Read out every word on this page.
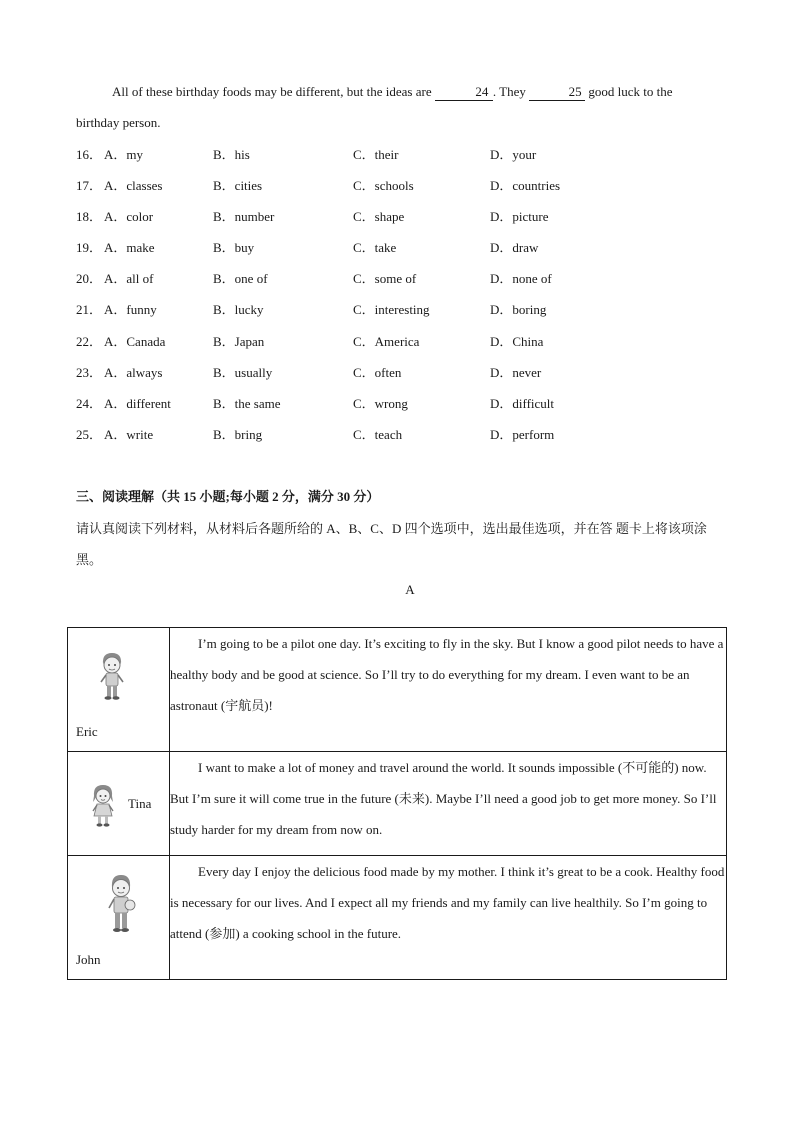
All of these birthday foods may be different, but the ideas are	24 . They	25 good luck to the birthday person.

16． A．my	B．his	C．their	D．your
17． A．classes	B．cities	C．schools	D．countries
18． A．color	B．number	C．shape	D．picture
19． A．make	B．buy	C．take	D．draw
20． A．all of	B．one of	C．some of	D．none of
21． A．funny	B．lucky	C．interesting	D．boring
22． A．Canada	B．Japan	C．America	D．China
23． A．always	B．usually	C．often	D．never
24． A．different	B．the same	C．wrong	D．difficult
25． A．write	B．bring	C．teach	D．perform
三、阅读理解（共 15 小题;每小题 2 分，满分 30 分）

请认真阅读下列材料，从材料后各题所给的 A、B、C、D 四个选项中，选出最佳选项，并在答 题卡上将该项涂黑。

A
Eric	I’m going to be a pilot one day. It’s exciting to fly in the sky. But I know a good pilot needs to have a healthy body and be good at science. So I’ll try to do everything for my dream. I even want to be an astronaut (宇航员)!

Tina	I want to make a lot of money and travel around the world. It sounds impossible (不可能的) now. But I’m sure it will come true in the future (未来). Maybe I’ll need a good job to get more money. So I’ll study harder for my dream from now on.

John	Every day I enjoy the delicious food made by my mother. I think it’s great to be a cook. Healthy food is necessary for our lives. And I expect all my friends and my family can live healthily. So I’m going to attend (参加) a cooking school in the future.
